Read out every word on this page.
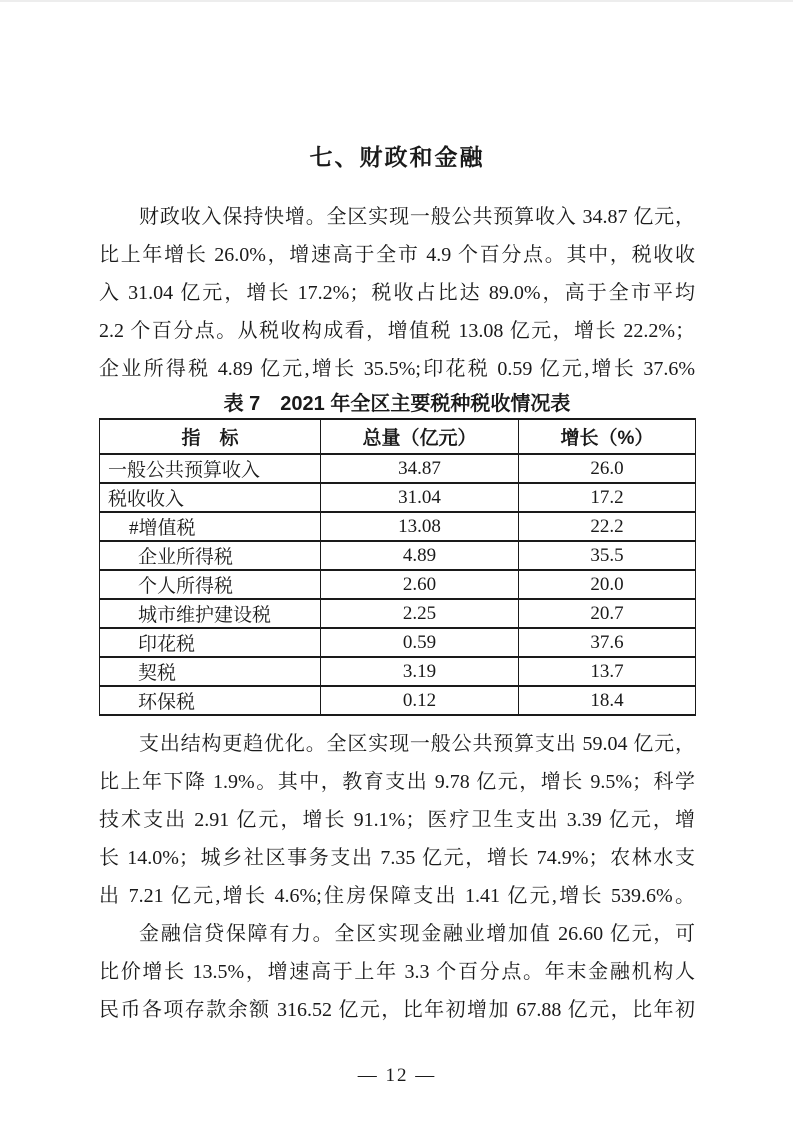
七、财政和金融
财政收入保持快增。全区实现一般公共预算收入 34.87 亿元，
比上年增长 26.0%，增速高于全市 4.9 个百分点。其中，税收收
入 31.04 亿元，增长 17.2%；税收占比达 89.0%，高于全市平均
2.2 个百分点。从税收构成看，增值税 13.08 亿元，增长 22.2%；
企业所得税 4.89 亿元,增长 35.5%;印花税 0.59 亿元,增长 37.6%
表 7　2021 年全区主要税种税收情况表
指　标	总量（亿元）	增长（%）
一般公共预算收入	34.87	26.0
税收收入	31.04	17.2
#增值税	13.08	22.2
企业所得税	4.89	35.5
个人所得税	2.60	20.0
城市维护建设税	2.25	20.7
印花税	0.59	37.6
契税	3.19	13.7
环保税	0.12	18.4
支出结构更趋优化。全区实现一般公共预算支出 59.04 亿元，
比上年下降 1.9%。其中，教育支出 9.78 亿元，增长 9.5%；科学
技术支出 2.91 亿元，增长 91.1%；医疗卫生支出 3.39 亿元，增
长 14.0%；城乡社区事务支出 7.35 亿元，增长 74.9%；农林水支
出 7.21 亿元,增长 4.6%;住房保障支出 1.41 亿元,增长 539.6%。
金融信贷保障有力。全区实现金融业增加值 26.60 亿元，可
比价增长 13.5%，增速高于上年 3.3 个百分点。年末金融机构人
民币各项存款余额 316.52 亿元，比年初增加 67.88 亿元，比年初
— 12 —
